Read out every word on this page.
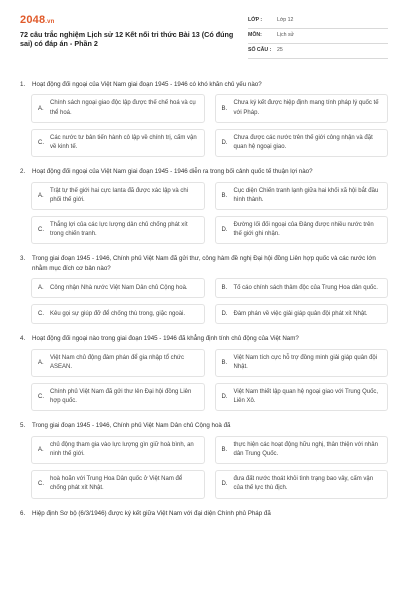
2048.vn
72 câu trắc nghiệm Lịch sử 12 Kết nối tri thức Bài 13 (Có đúng sai) có đáp án - Phần 2
LỚP :	Lớp 12
MÔN:	Lịch sử
SỐ CÂU : 25
1.	Hoạt động đối ngoại của Việt Nam giai đoạn 1945 - 1946 có khó khăn chủ yếu nào?
A.
Chính sách ngoại giao độc lập được thế chế hoá và cụ thể hoá.
B.
Chưa ký kết được hiệp định mang tính pháp lý quốc tế với Pháp.
C.
Các nước tư bản tiến hành cô lập về chính trị, cấm vận về kinh tế.
D.
Chưa được các nước trên thế giới công nhận và đặt quan hệ ngoại giao.
2.	Hoạt động đối ngoại của Việt Nam giai đoạn 1945 - 1946 diễn ra trong bối cảnh quốc tế thuận lợi nào?
A.
Trật tự thế giới hai cực Ianta đã được xác lập và chi phối thế giới.
B.
Cục diện Chiến tranh lạnh giữa hai khối xã hội bắt đầu hình thành.
C.
Thắng lợi của các lực lượng dân chủ chống phát xít trong chiến tranh.
D.
Đường lối đối ngoại của Đảng được nhiều nước trên thế giới ghi nhận.
3.	Trong giai đoạn 1945 - 1946, Chính phủ Việt Nam đã gửi thư, công hàm đề nghị Đại hội đồng Liên hợp quốc và các nước lớn nhằm mục đích cơ bản nào?
A.	Công nhận Nhà nước Việt Nam Dân chủ Cộng hoà.	B.	Tố cáo chính sách thâm độc của Trung Hoa dân quốc.
C.	Kêu gọi sự giúp đỡ để chống thù trong, giặc ngoài.	D.	Đàm phán về việc giải giáp quân đội phát xít Nhật.
4.	Hoạt động đối ngoại nào trong giai đoạn 1945 - 1946 đã khẳng định tính chủ động của Việt Nam?
A.
Việt Nam chủ động đàm phán để gia nhập tổ chức ASEAN.
B.
Việt Nam tích cực hỗ trợ đồng minh giải giáp quân đội Nhật.
C.
Chính phủ Việt Nam đã gửi thư lên Đại hội đồng Liên hợp quốc.
D.
Việt Nam thiết lập quan hệ ngoại giao với Trung Quốc, Liên Xô.
5.	Trong giai đoạn 1945 - 1946, Chính phủ Việt Nam Dân chủ Cộng hoà đã
A.
chủ động tham gia vào lực lượng gìn giữ hoà bình, an ninh thế giới.
B.
thực hiện các hoạt động hữu nghị, thân thiện với nhân dân Trung Quốc.
C.
hoà hoãn với Trung Hoa Dân quốc ở Việt Nam để chống phát xít Nhật.
D.
đưa đất nước thoát khỏi tình trạng bao vây, cấm vận của thế lực thù địch.
6.	Hiệp định Sơ bộ (6/3/1946) được ký kết giữa Việt Nam với đại diện Chính phủ Pháp đã
